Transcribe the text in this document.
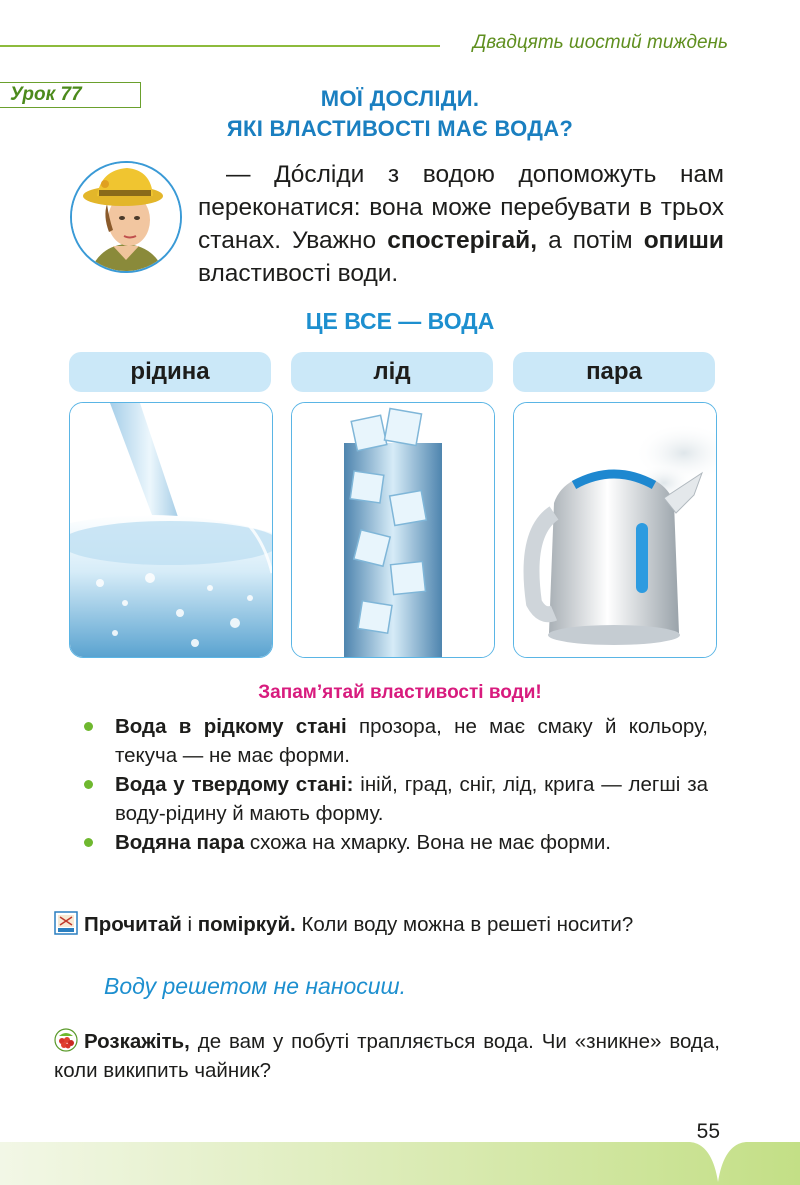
Двадцять шостий тиждень
Урок 77	МОЇ ДОСЛІДИ.
ЯКІ ВЛАСТИВОСТІ МАЄ ВОДА?

— Дóсліди з водою допоможуть нам переконатися: вона може перебувати в трьох станах. Уважно спостерігай, а потім опиши властивості води.

ЦЕ ВСЕ — ВОДА
рідина	лід	пара
Запам’ятай властивості води!
Вода в рідкому стані прозора, не має смаку й кольору, текуча — не має форми.
Вода у твердому стані: іній, град, сніг, лід, крига — легші за воду-рідину й мають форму.
Водяна пара схожа на хмарку. Вона не має форми.
Прочитай і поміркуй. Коли воду можна в решеті носити?
Воду решетом не наносиш.
Розкажіть, де вам у побуті трапляється вода. Чи «зникне» вода, коли википить чайник?
55
